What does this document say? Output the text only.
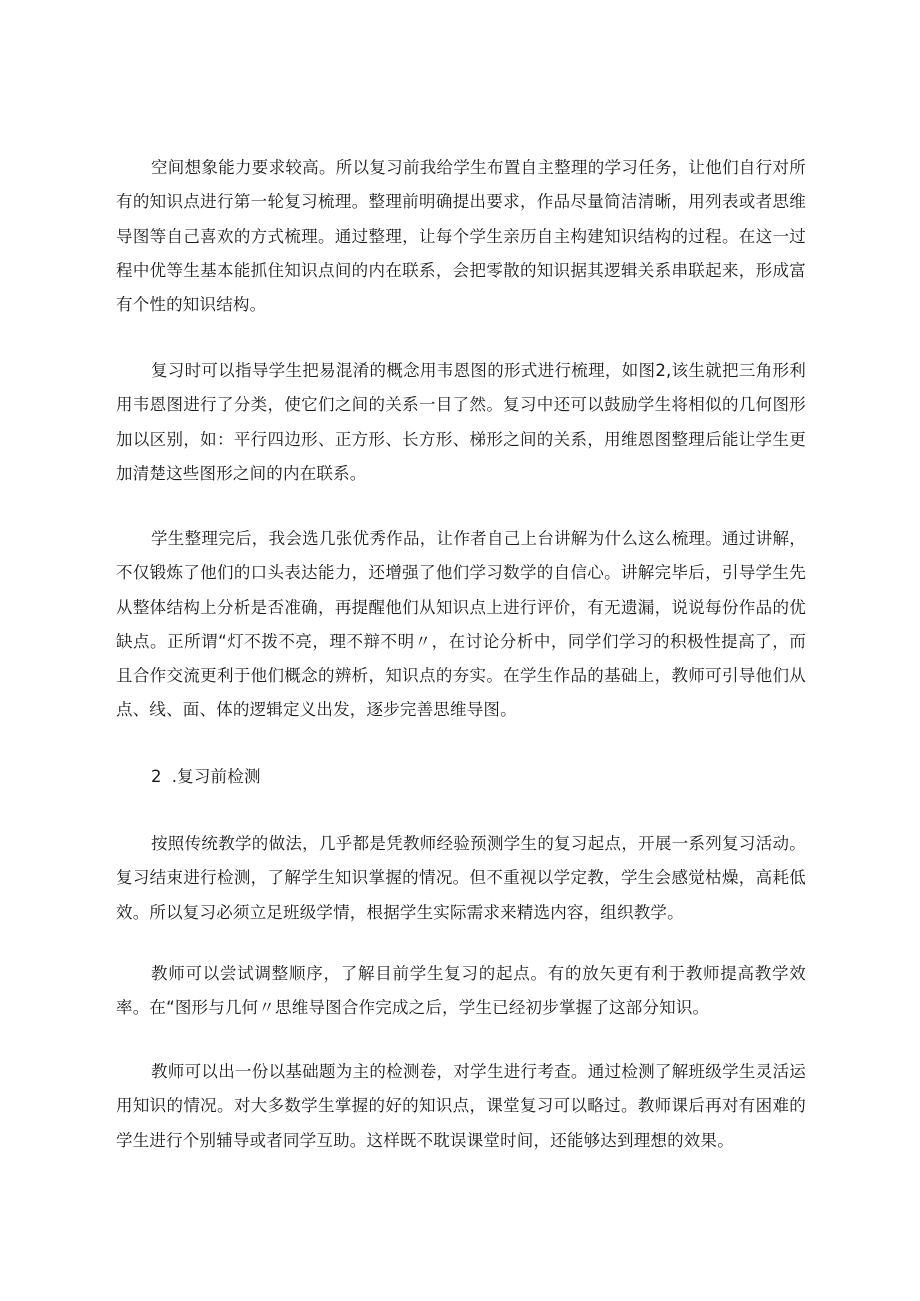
空间想象能力要求较高。所以复习前我给学生布置自主整理的学习任务，让他们自行对所有的知识点进行第一轮复习梳理。整理前明确提出要求，作品尽量简洁清晰，用列表或者思维导图等自己喜欢的方式梳理。通过整理，让每个学生亲历自主构建知识结构的过程。在这一过程中优等生基本能抓住知识点间的内在联系，会把零散的知识据其逻辑关系串联起来，形成富有个性的知识结构。

复习时可以指导学生把易混淆的概念用韦恩图的形式进行梳理，如图2,该生就把三角形利用韦恩图进行了分类，使它们之间的关系一目了然。复习中还可以鼓励学生将相似的几何图形加以区别，如：平行四边形、正方形、长方形、梯形之间的关系，用维恩图整理后能让学生更加清楚这些图形之间的内在联系。

学生整理完后，我会选几张优秀作品，让作者自己上台讲解为什么这么梳理。通过讲解，不仅锻炼了他们的口头表达能力，还增强了他们学习数学的自信心。讲解完毕后，引导学生先从整体结构上分析是否准确，再提醒他们从知识点上进行评价，有无遗漏，说说每份作品的优缺点。正所谓“灯不拨不亮，理不辩不明〃，在讨论分析中，同学们学习的积极性提高了，而且合作交流更利于他们概念的辨析，知识点的夯实。在学生作品的基础上，教师可引导他们从点、线、面、体的逻辑定义出发，逐步完善思维导图。

2 .复习前检测

按照传统教学的做法，几乎都是凭教师经验预测学生的复习起点，开展一系列复习活动。复习结束进行检测，了解学生知识掌握的情况。但不重视以学定教，学生会感觉枯燥，高耗低效。所以复习必须立足班级学情，根据学生实际需求来精选内容，组织教学。

教师可以尝试调整顺序，了解目前学生复习的起点。有的放矢更有利于教师提高教学效率。在“图形与几何〃思维导图合作完成之后，学生已经初步掌握了这部分知识。

教师可以出一份以基础题为主的检测卷，对学生进行考查。通过检测了解班级学生灵活运用知识的情况。对大多数学生掌握的好的知识点，课堂复习可以略过。教师课后再对有困难的学生进行个别辅导或者同学互助。这样既不耽误课堂时间，还能够达到理想的效果。
